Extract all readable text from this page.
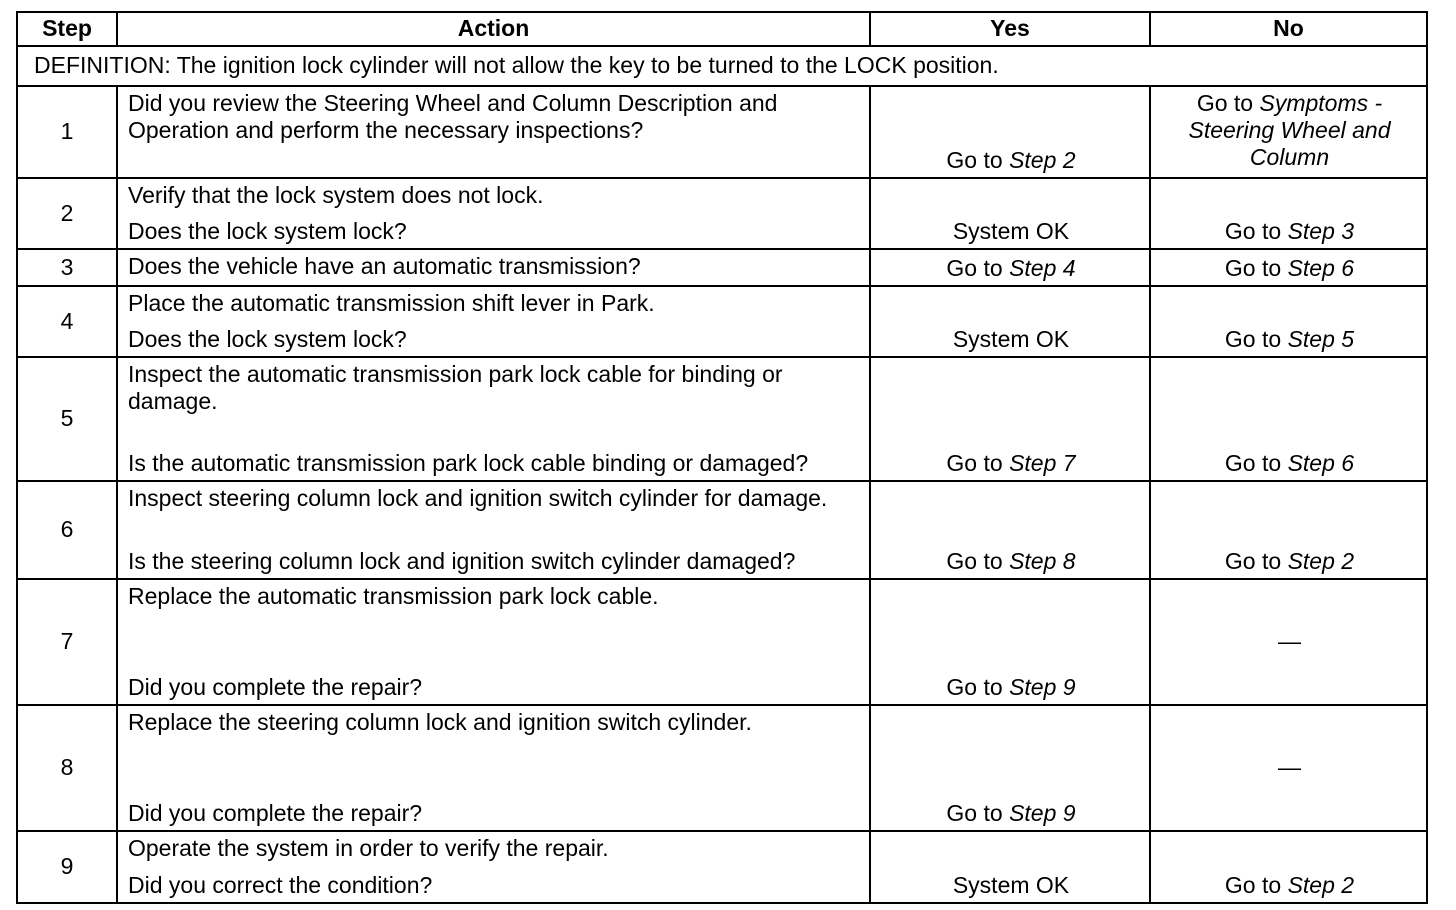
Step	Action	Yes	No
DEFINITION: The ignition lock cylinder will not allow the key to be turned to the LOCK position.			
1	Did you review the Steering Wheel and Column Description and Operation and perform the necessary inspections?	Go to Step 2	Go to Symptoms - Steering Wheel and Column

2	Verify that the lock system does not lock.
Does the lock system lock?	System OK	Go to Step 3

3	Does the vehicle have an automatic transmission?	Go to Step 4	Go to Step 6

4	Place the automatic transmission shift lever in Park.
Does the lock system lock?	System OK	Go to Step 5

5	Inspect the automatic transmission park lock cable for binding or damage.
Is the automatic transmission park lock cable binding or damaged?	Go to Step 7	Go to Step 6

6	Inspect steering column lock and ignition switch cylinder for damage.
Is the steering column lock and ignition switch cylinder damaged?	Go to Step 8	Go to Step 2

7	Replace the automatic transmission park lock cable.
Did you complete the repair?	Go to Step 9	—

8	Replace the steering column lock and ignition switch cylinder.
Did you complete the repair?	Go to Step 9	—

9	Operate the system in order to verify the repair.
Did you correct the condition?	System OK	Go to Step 2
